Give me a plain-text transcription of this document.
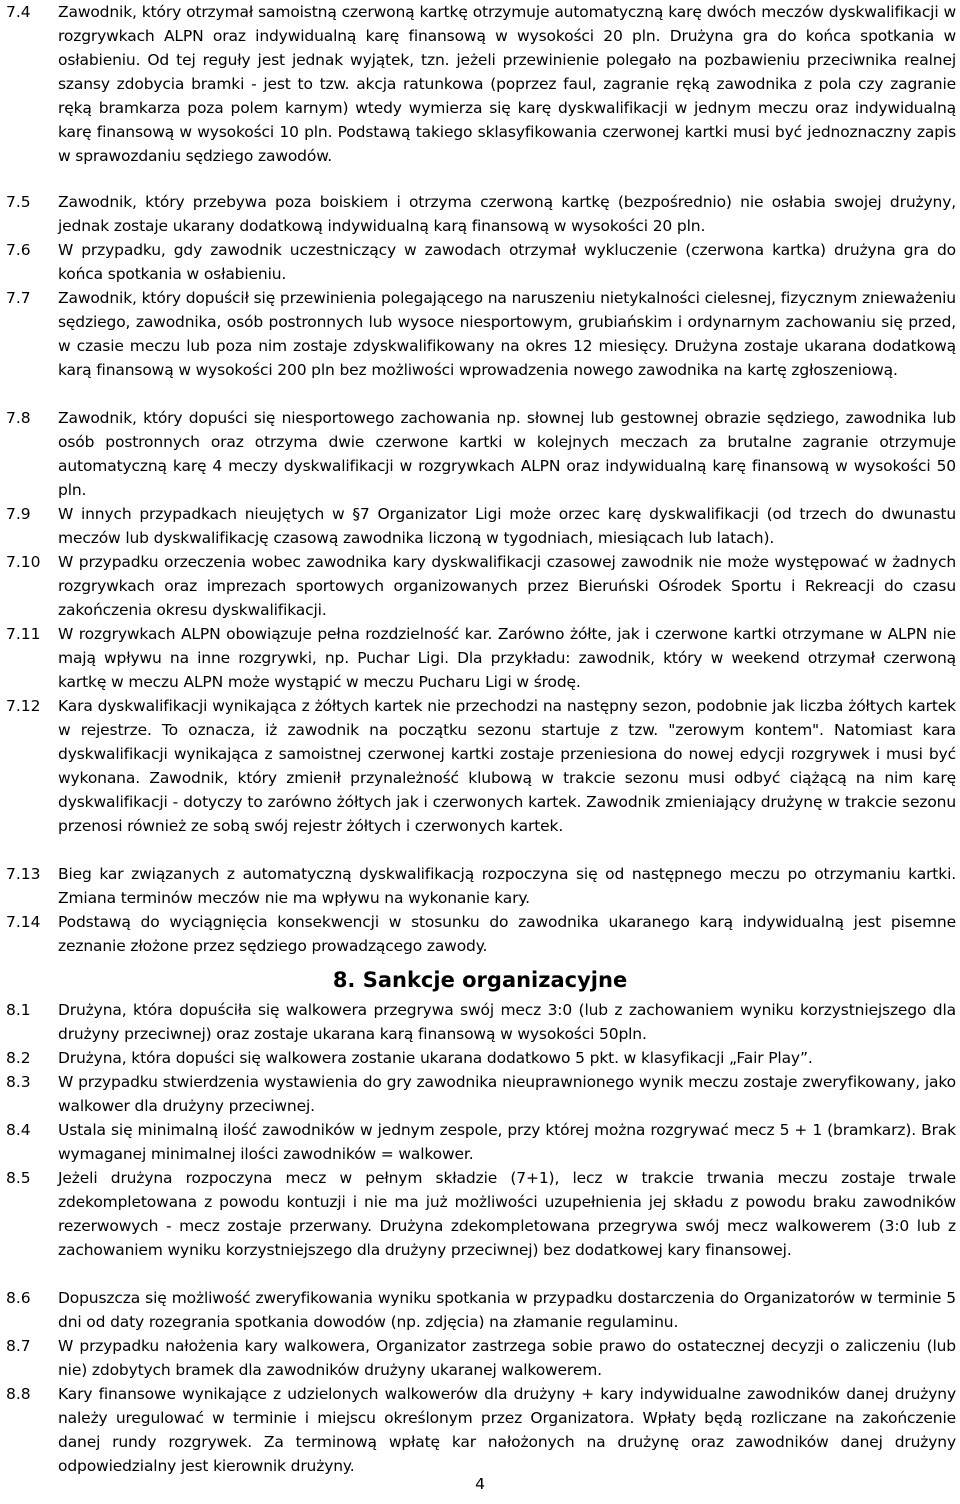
7.4	Zawodnik, który otrzymał samoistną czerwoną kartkę otrzymuje automatyczną karę dwóch meczów dyskwalifikacji w rozgrywkach ALPN oraz indywidualną karę finansową w wysokości 20 pln. Drużyna gra do końca spotkania w osłabieniu. Od tej reguły jest jednak wyjątek, tzn. jeżeli przewinienie polegało na pozbawieniu przeciwnika realnej szansy zdobycia bramki - jest to tzw. akcja ratunkowa (poprzez faul, zagranie ręką zawodnika z pola czy zagranie ręką bramkarza poza polem karnym) wtedy wymierza się karę dyskwalifikacji w jednym meczu oraz indywidualną karę finansową w wysokości 10 pln. Podstawą takiego sklasyfikowania czerwonej kartki musi być jednoznaczny zapis w sprawozdaniu sędziego zawodów.
7.5	Zawodnik, który przebywa poza boiskiem i otrzyma czerwoną kartkę (bezpośrednio) nie osłabia swojej drużyny, jednak zostaje ukarany dodatkową indywidualną karą finansową w wysokości 20 pln.
7.6	W przypadku, gdy zawodnik uczestniczący w zawodach otrzymał wykluczenie (czerwona kartka) drużyna gra do końca spotkania w osłabieniu.
7.7	Zawodnik, który dopuścił się przewinienia polegającego na naruszeniu nietykalności cielesnej, fizycznym znieważeniu sędziego, zawodnika, osób postronnych lub wysoce niesportowym, grubiańskim i ordynarnym zachowaniu się przed, w czasie meczu lub poza nim zostaje zdyskwalifikowany na okres 12 miesięcy. Drużyna zostaje ukarana dodatkową karą finansową w wysokości 200 pln bez możliwości wprowadzenia nowego zawodnika na kartę zgłoszeniową.
7.8	Zawodnik, który dopuści się niesportowego zachowania np. słownej lub gestownej obrazie sędziego, zawodnika lub osób postronnych oraz otrzyma dwie czerwone kartki w kolejnych meczach za brutalne zagranie otrzymuje automatyczną karę 4 meczy dyskwalifikacji w rozgrywkach ALPN oraz indywidualną karę finansową w wysokości 50 pln.
7.9	W innych przypadkach nieujętych w §7 Organizator Ligi może orzec karę dyskwalifikacji (od trzech do dwunastu meczów lub dyskwalifikację czasową zawodnika liczoną w tygodniach, miesiącach lub latach).
7.10	W przypadku orzeczenia wobec zawodnika kary dyskwalifikacji czasowej zawodnik nie może występować w żadnych rozgrywkach oraz imprezach sportowych organizowanych przez Bieruński Ośrodek Sportu i Rekreacji do czasu zakończenia okresu dyskwalifikacji.
7.11	W rozgrywkach ALPN obowiązuje pełna rozdzielność kar. Zarówno żółte, jak i czerwone kartki otrzymane w ALPN nie mają wpływu na inne rozgrywki, np. Puchar Ligi. Dla przykładu: zawodnik, który w weekend otrzymał czerwoną kartkę w meczu ALPN może wystąpić w meczu Pucharu Ligi w środę.
7.12	Kara dyskwalifikacji wynikająca z żółtych kartek nie przechodzi na następny sezon, podobnie jak liczba żółtych kartek w rejestrze. To oznacza, iż zawodnik na początku sezonu startuje z tzw. "zerowym kontem". Natomiast kara dyskwalifikacji wynikająca z samoistnej czerwonej kartki zostaje przeniesiona do nowej edycji rozgrywek i musi być wykonana. Zawodnik, który zmienił przynależność klubową w trakcie sezonu musi odbyć ciążącą na nim karę dyskwalifikacji - dotyczy to zarówno żółtych jak i czerwonych kartek. Zawodnik zmieniający drużynę w trakcie sezonu przenosi również ze sobą swój rejestr żółtych i czerwonych kartek.
7.13	Bieg kar związanych z automatyczną dyskwalifikacją rozpoczyna się od następnego meczu po otrzymaniu kartki. Zmiana terminów meczów nie ma wpływu na wykonanie kary.
7.14	Podstawą do wyciągnięcia konsekwencji w stosunku do zawodnika ukaranego karą indywidualną jest pisemne zeznanie złożone przez sędziego prowadzącego zawody.
8. Sankcje organizacyjne
8.1	Drużyna, która dopuściła się walkowera przegrywa swój mecz 3:0 (lub z zachowaniem wyniku korzystniejszego dla drużyny przeciwnej) oraz zostaje ukarana karą finansową w wysokości 50pln.
8.2	Drużyna, która dopuści się walkowera zostanie ukarana dodatkowo 5 pkt. w klasyfikacji „Fair Play”.
8.3	W przypadku stwierdzenia wystawienia do gry zawodnika nieuprawnionego wynik meczu zostaje zweryfikowany, jako walkower dla drużyny przeciwnej.
8.4	Ustala się minimalną ilość zawodników w jednym zespole, przy której można rozgrywać mecz 5 + 1 (bramkarz). Brak wymaganej minimalnej ilości zawodników = walkower.
8.5	Jeżeli drużyna rozpoczyna mecz w pełnym składzie (7+1), lecz w trakcie trwania meczu zostaje trwale zdekompletowana z powodu kontuzji i nie ma już możliwości uzupełnienia jej składu z powodu braku zawodników rezerwowych - mecz zostaje przerwany. Drużyna zdekompletowana przegrywa swój mecz walkowerem (3:0 lub z zachowaniem wyniku korzystniejszego dla drużyny przeciwnej) bez dodatkowej kary finansowej.
8.6	Dopuszcza się możliwość zweryfikowania wyniku spotkania w przypadku dostarczenia do Organizatorów w terminie 5 dni od daty rozegrania spotkania dowodów (np. zdjęcia) na złamanie regulaminu.
8.7	W przypadku nałożenia kary walkowera, Organizator zastrzega sobie prawo do ostatecznej decyzji o zaliczeniu (lub nie) zdobytych bramek dla zawodników drużyny ukaranej walkowerem.
8.8	Kary finansowe wynikające z udzielonych walkowerów dla drużyny + kary indywidualne zawodników danej drużyny należy uregulować w terminie i miejscu określonym przez Organizatora. Wpłaty będą rozliczane na zakończenie danej rundy rozgrywek. Za terminową wpłatę kar nałożonych na drużynę oraz zawodników danej drużyny odpowiedzialny jest kierownik drużyny.
4
